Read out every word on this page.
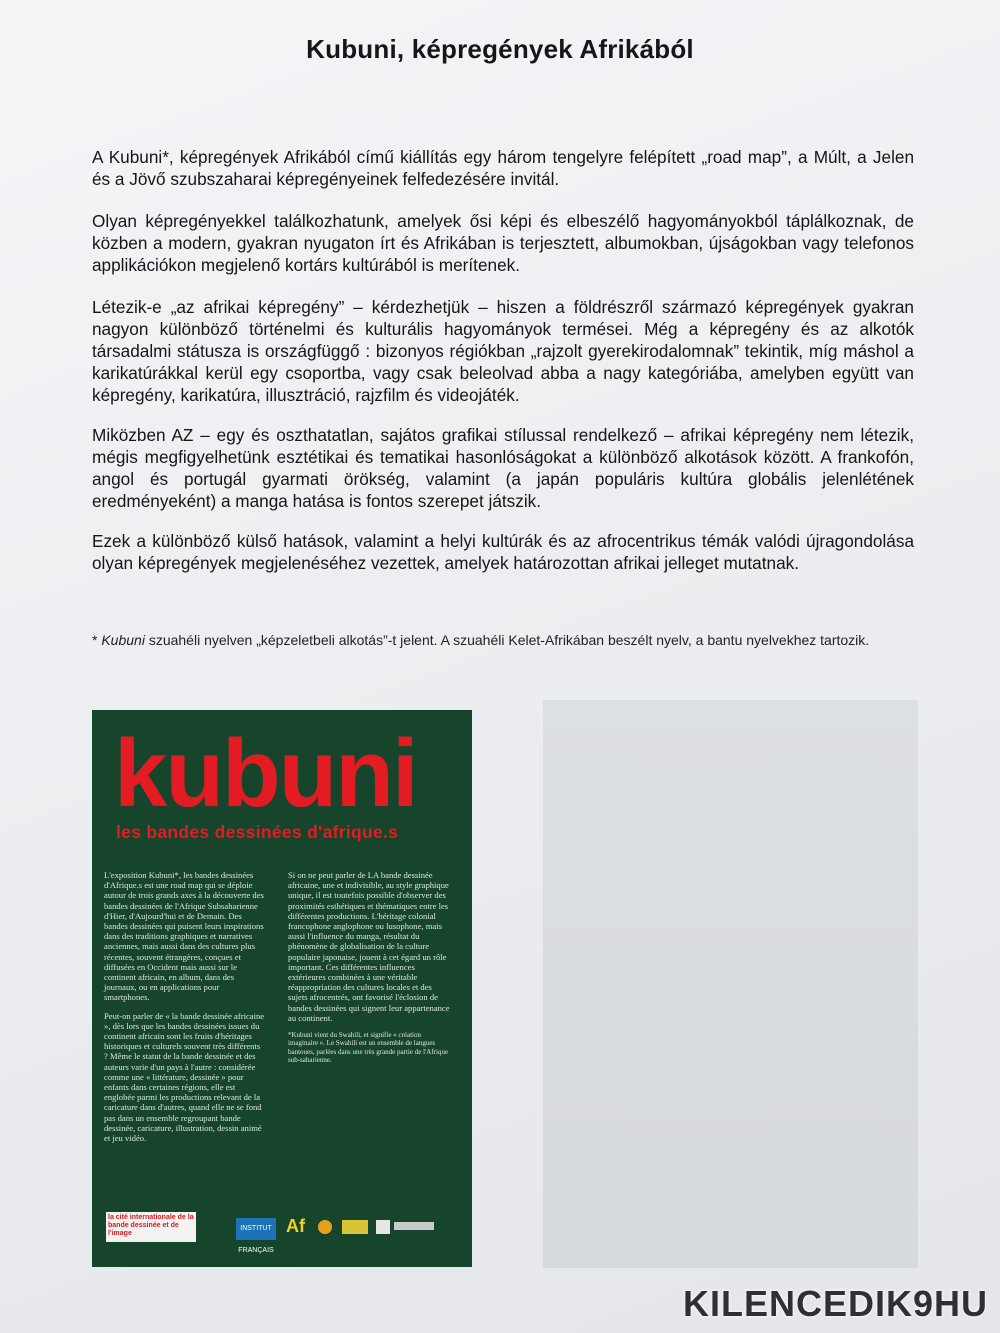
Kubuni, képregények Afrikából

A Kubuni*, képregények Afrikából című kiállítás egy három tengelyre felépített „road map”, a Múlt, a Jelen és a Jövő szubszaharai képregényeinek felfedezésére invitál.

Olyan képregényekkel találkozhatunk, amelyek ősi képi és elbeszélő hagyományokból táplálkoznak, de közben a modern, gyakran nyugaton írt és Afrikában is terjesztett, albumokban, újságokban vagy telefonos applikációkon megjelenő kortárs kultúrából is merítenek.

Létezik-e „az afrikai képregény” – kérdezhetjük – hiszen a földrészről származó képregények gyakran nagyon különböző történelmi és kulturális hagyományok termései. Még a képregény és az alkotók társadalmi státusza is országfüggő : bizonyos régiókban „rajzolt gyerekirodalomnak” tekintik, míg máshol a karikatúrákkal kerül egy csoportba, vagy csak beleolvad abba a nagy kategóriába, amelyben együtt van képregény, karikatúra, illusztráció, rajzfilm és videojáték.

Miközben AZ – egy és oszthatatlan, sajátos grafikai stílussal rendelkező – afrikai képregény nem létezik, mégis megfigyelhetünk esztétikai és tematikai hasonlóságokat a különböző alkotások között. A frankofón, angol és portugál gyarmati örökség, valamint (a japán populáris kultúra globális jelenlétének eredményeként) a manga hatása is fontos szerepet játszik.

Ezek a különböző külső hatások, valamint a helyi kultúrák és az afrocentrikus témák valódi újragondolása olyan képregények megjelenéséhez vezettek, amelyek határozottan afrikai jelleget mutatnak.

* Kubuni szuahéli nyelven „képzeletbeli alkotás”-t jelent. A szuahéli Kelet-Afrikában beszélt nyelv, a bantu nyelvekhez tartozik.
kubuni
les bandes dessinées d'afrique.s

L'exposition Kubuni*, les bandes dessinées d'Afrique.s est une road map qui se déploie autour de trois grands axes à la découverte des bandes dessinées de l'Afrique Subsaharienne d'Hier, d'Aujourd'hui et de Demain. Des bandes dessinées qui puisent leurs inspirations dans des traditions graphiques et narratives anciennes, mais aussi dans des cultures plus récentes, souvent étrangères, conçues et diffusées en Occident mais aussi sur le continent africain, en album, dans des journaux, ou en applications pour smartphones.

Peut-on parler de « la bande dessinée africaine », dès lors que les bandes dessinées issues du continent africain sont les fruits d'héritages historiques et culturels souvent très différents ? Même le statut de la bande dessinée et des auteurs varie d'un pays à l'autre : considérée comme une « littérature, dessinée » pour enfants dans certaines régions, elle est englobée parmi les productions relevant de la caricature dans d'autres, quand elle ne se fond pas dans un ensemble regroupant bande dessinée, caricature, illustration, dessin animé et jeu vidéo.

Si on ne peut parler de LA bande dessinée africaine, une et indivisible, au style graphique unique, il est toutefois possible d'observer des proximités esthétiques et thématiques entre les différentes productions. L'héritage colonial francophone anglophone ou lusophone, mais aussi l'influence du manga, résultat du phénomène de globalisation de la culture populaire japonaise, jouent à cet égard un rôle important. Ces différentes influences extérieures combinées à une véritable réappropriation des cultures locales et des sujets afrocentrés, ont favorisé l'éclosion de bandes dessinées qui signent leur appartenance au continent.

*Kubuni vient du Swahili, et signifie « création imaginaire ». Le Swahili est un ensemble de langues bantoues, parlées dans une très grande partie de l'Afrique sub-saharienne.

la cité internationale de la bande dessinée et de l'image
INSTITUT FRANÇAIS
Af
KILENCEDIK9HU
